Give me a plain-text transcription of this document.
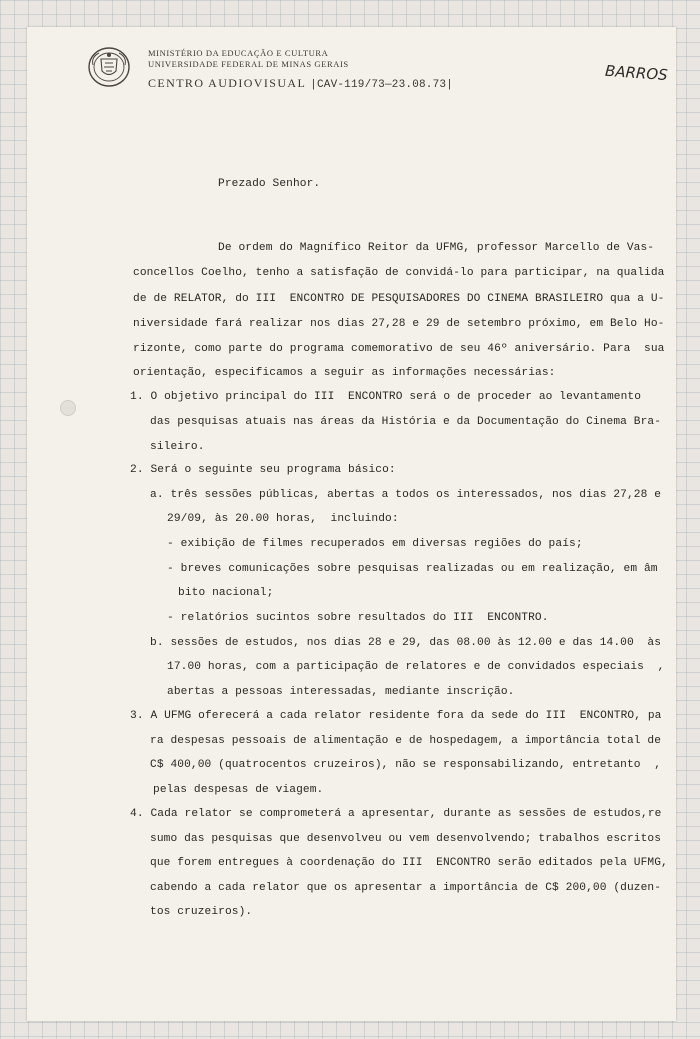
MINISTÉRIO DA EDUCAÇÃO E CULTURA
UNIVERSIDADE FEDERAL DE MINAS GERAIS
CENTRO AUDIOVISUAL |CAV-119/73—23.08.73|
BARROS

Prezado Senhor.

De ordem do Magnífico Reitor da UFMG, professor Marcello de Vas-

concellos Coelho, tenho a satisfação de convidá-lo para participar, na qualida

de de RELATOR, do III  ENCONTRO DE PESQUISADORES DO CINEMA BRASILEIRO qua a U-

niversidade fará realizar nos dias 27,28 e 29 de setembro próximo, em Belo Ho-

rizonte, como parte do programa comemorativo de seu 46º aniversário. Para  sua

orientação, especificamos a seguir as informações necessárias:

1. O objetivo principal do III  ENCONTRO será o de proceder ao levantamento

das pesquisas atuais nas áreas da História e da Documentação do Cinema Bra-

sileiro.

2. Será o seguinte seu programa básico:

a. três sessões públicas, abertas a todos os interessados, nos dias 27,28 e

29/09, às 20.00 horas,  incluindo:

- exibição de filmes recuperados em diversas regiões do país;

- breves comunicações sobre pesquisas realizadas ou em realização, em âm

bito nacional;

- relatórios sucintos sobre resultados do III  ENCONTRO.

b. sessões de estudos, nos dias 28 e 29, das 08.00 às 12.00 e das 14.00  às

17.00 horas, com a participação de relatores e de convidados especiais  ,

abertas a pessoas interessadas, mediante inscrição.

3. A UFMG oferecerá a cada relator residente fora da sede do III  ENCONTRO, pa

ra despesas pessoais de alimentação e de hospedagem, a importância total de

C$ 400,00 (quatrocentos cruzeiros), não se responsabilizando, entretanto  ,

pelas despesas de viagem.

4. Cada relator se comprometerá a apresentar, durante as sessões de estudos,re

sumo das pesquisas que desenvolveu ou vem desenvolvendo; trabalhos escritos

que forem entregues à coordenação do III  ENCONTRO serão editados pela UFMG,

cabendo a cada relator que os apresentar a importância de C$ 200,00 (duzen-

tos cruzeiros).
